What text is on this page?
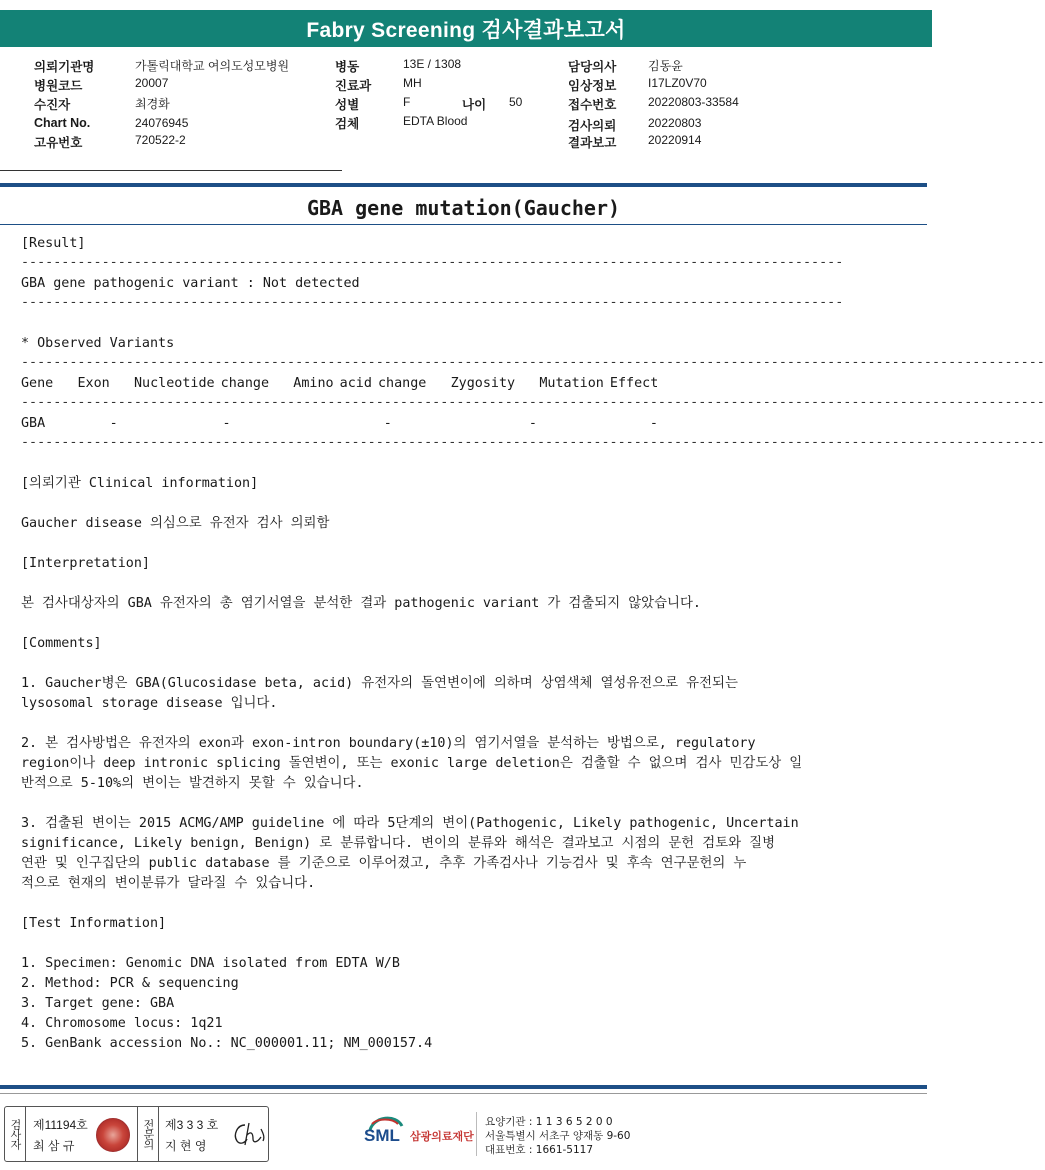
Fabry Screening 검사결과보고서
의뢰기관명	가톨릭대학교 여의도성모병원
병원코드	20007
수진자	최경화
Chart No.	24076945
고유번호	720522-2
병동	13E / 1308
진료과	MH
성별	F	나이 50
검체	EDTA Blood
담당의사	김동윤
임상정보	I17LZ0V70
접수번호	20220803-33584
검사의뢰	20220803
결과보고	20220914
GBA gene mutation(Gaucher)
[Result]
------------------------------------------------------------------------------------------------------
GBA gene pathogenic variant : Not detected
------------------------------------------------------------------------------------------------------
* Observed Variants
-------------------------------------------------------------------------------------------------------------------------------
Gene    Exon    Nucleotide change    Amino acid change    Zygosity    Mutation Effect
-------------------------------------------------------------------------------------------------------------------------------
GBA        -             -                   -                 -              -
-------------------------------------------------------------------------------------------------------------------------------
[의뢰기관 Clinical information]
Gaucher disease 의심으로 유전자 검사 의뢰함
[Interpretation]
본 검사대상자의 GBA 유전자의 총 염기서열을 분석한 결과 pathogenic variant 가 검출되지 않았습니다.
[Comments]
1. Gaucher병은 GBA(Glucosidase beta, acid) 유전자의 돌연변이에 의하며 상염색체 열성유전으로 유전되는
lysosomal storage disease 입니다.
2. 본 검사방법은 유전자의 exon과 exon-intron boundary(±10)의 염기서열을 분석하는 방법으로, regulatory
region이나 deep intronic splicing 돌연변이, 또는 exonic large deletion은 검출할 수 없으며 검사 민감도상 일
반적으로 5-10%의 변이는 발견하지 못할 수 있습니다.
3. 검출된 변이는 2015 ACMG/AMP guideline 에 따라 5단계의 변이(Pathogenic, Likely pathogenic, Uncertain
significance, Likely benign, Benign) 로 분류합니다. 변이의 분류와 해석은 결과보고 시점의 문헌 검토와 질병
연관 및 인구집단의 public database 를 기준으로 이루어졌고, 추후 가족검사나 기능검사 및 후속 연구문헌의 누
적으로 현재의 변이분류가 달라질 수 있습니다.
[Test Information]
1. Specimen: Genomic DNA isolated from EDTA W/B
2. Method: PCR & sequencing
3. Target gene: GBA
4. Chromosome locus: 1q21
5. GenBank accession No.: NC_000001.11; NM_000157.4
검사자	제11194호
최 삼 규	전문의 제3 3 3 호
지 현 영
SML 삼광의료재단
요양기관 : 1 1 3 6 5 2 0 0
서울특별시 서초구 양재동 9-60
대표번호 : 1661-5117
